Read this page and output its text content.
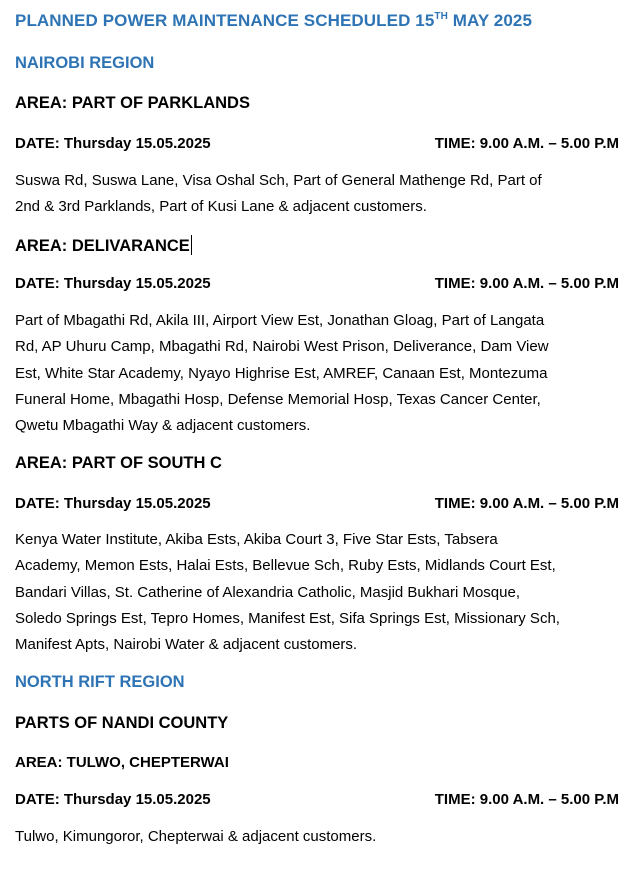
PLANNED POWER MAINTENANCE SCHEDULED 15TH MAY 2025
NAIROBI REGION
AREA: PART OF PARKLANDS
DATE: Thursday 15.05.2025	TIME: 9.00 A.M. – 5.00 P.M
Suswa Rd, Suswa Lane, Visa Oshal Sch, Part of General Mathenge Rd, Part of
2nd & 3rd Parklands, Part of Kusi Lane & adjacent customers.
AREA: DELIVARANCE
DATE: Thursday 15.05.2025	TIME: 9.00 A.M. – 5.00 P.M
Part of Mbagathi Rd, Akila III, Airport View Est, Jonathan Gloag, Part of Langata
Rd, AP Uhuru Camp, Mbagathi Rd, Nairobi West Prison, Deliverance, Dam View
Est, White Star Academy, Nyayo Highrise Est, AMREF, Canaan Est, Montezuma
Funeral Home, Mbagathi Hosp, Defense Memorial Hosp, Texas Cancer Center,
Qwetu Mbagathi Way & adjacent customers.
AREA: PART OF SOUTH C
DATE: Thursday 15.05.2025	TIME: 9.00 A.M. – 5.00 P.M
Kenya Water Institute, Akiba Ests, Akiba Court 3, Five Star Ests, Tabsera
Academy, Memon Ests, Halai Ests, Bellevue Sch, Ruby Ests, Midlands Court Est,
Bandari Villas, St. Catherine of Alexandria Catholic, Masjid Bukhari Mosque,
Soledo Springs Est, Tepro Homes, Manifest Est, Sifa Springs Est, Missionary Sch,
Manifest Apts, Nairobi Water & adjacent customers.
NORTH RIFT REGION
PARTS OF NANDI COUNTY
AREA: TULWO, CHEPTERWAI
DATE: Thursday 15.05.2025	TIME: 9.00 A.M. – 5.00 P.M
Tulwo, Kimungoror, Chepterwai & adjacent customers.
